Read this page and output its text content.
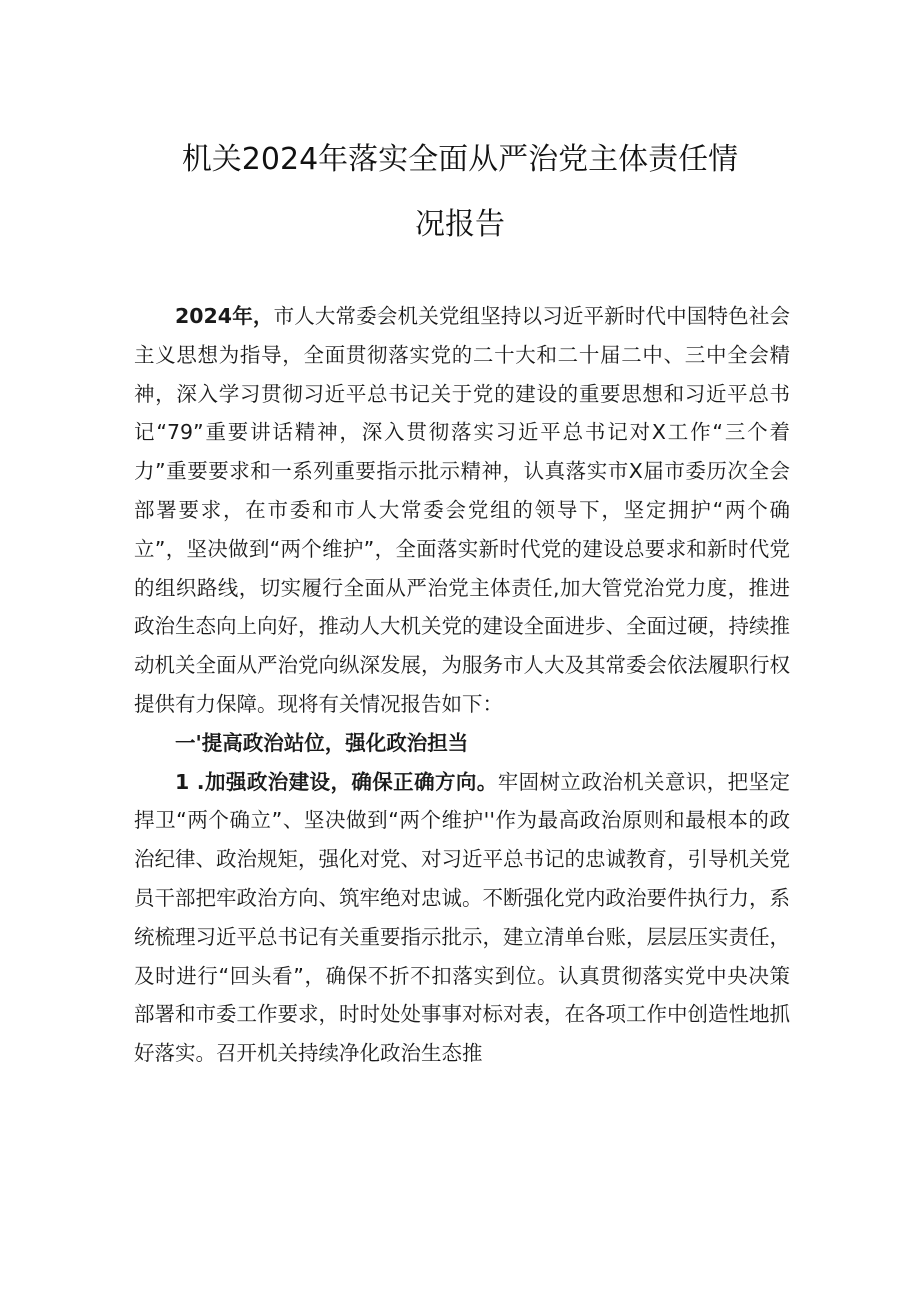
机关2024年落实全面从严治党主体责任情
况报告

2024年，市人大常委会机关党组坚持以习近平新时代中国特色社会主义思想为指导，全面贯彻落实党的二十大和二十届二中、三中全会精神，深入学习贯彻习近平总书记关于党的建设的重要思想和习近平总书记“79”重要讲话精神，深入贯彻落实习近平总书记对X工作“三个着力”重要要求和一系列重要指示批示精神，认真落实市X届市委历次全会部署要求，在市委和市人大常委会党组的领导下，坚定拥护“两个确立”，坚决做到“两个维护”，全面落实新时代党的建设总要求和新时代党的组织路线，切实履行全面从严治党主体责任,加大管党治党力度，推进政治生态向上向好，推动人大机关党的建设全面进步、全面过硬，持续推动机关全面从严治党向纵深发展，为服务市人大及其常委会依法履职行权提供有力保障。现将有关情况报告如下：

一'提高政治站位，强化政治担当

1 .加强政治建设，确保正确方向。牢固树立政治机关意识，把坚定捍卫“两个确立”、坚决做到“两个维护''作为最高政治原则和最根本的政治纪律、政治规矩，强化对党、对习近平总书记的忠诚教育，引导机关党员干部把牢政治方向、筑牢绝对忠诚。不断强化党内政治要件执行力，系统梳理习近平总书记有关重要指示批示，建立清单台账，层层压实责任，及时进行“回头看”，确保不折不扣落实到位。认真贯彻落实党中央决策部署和市委工作要求，时时处处事事对标对表，在各项工作中创造性地抓好落实。召开机关持续净化政治生态推
